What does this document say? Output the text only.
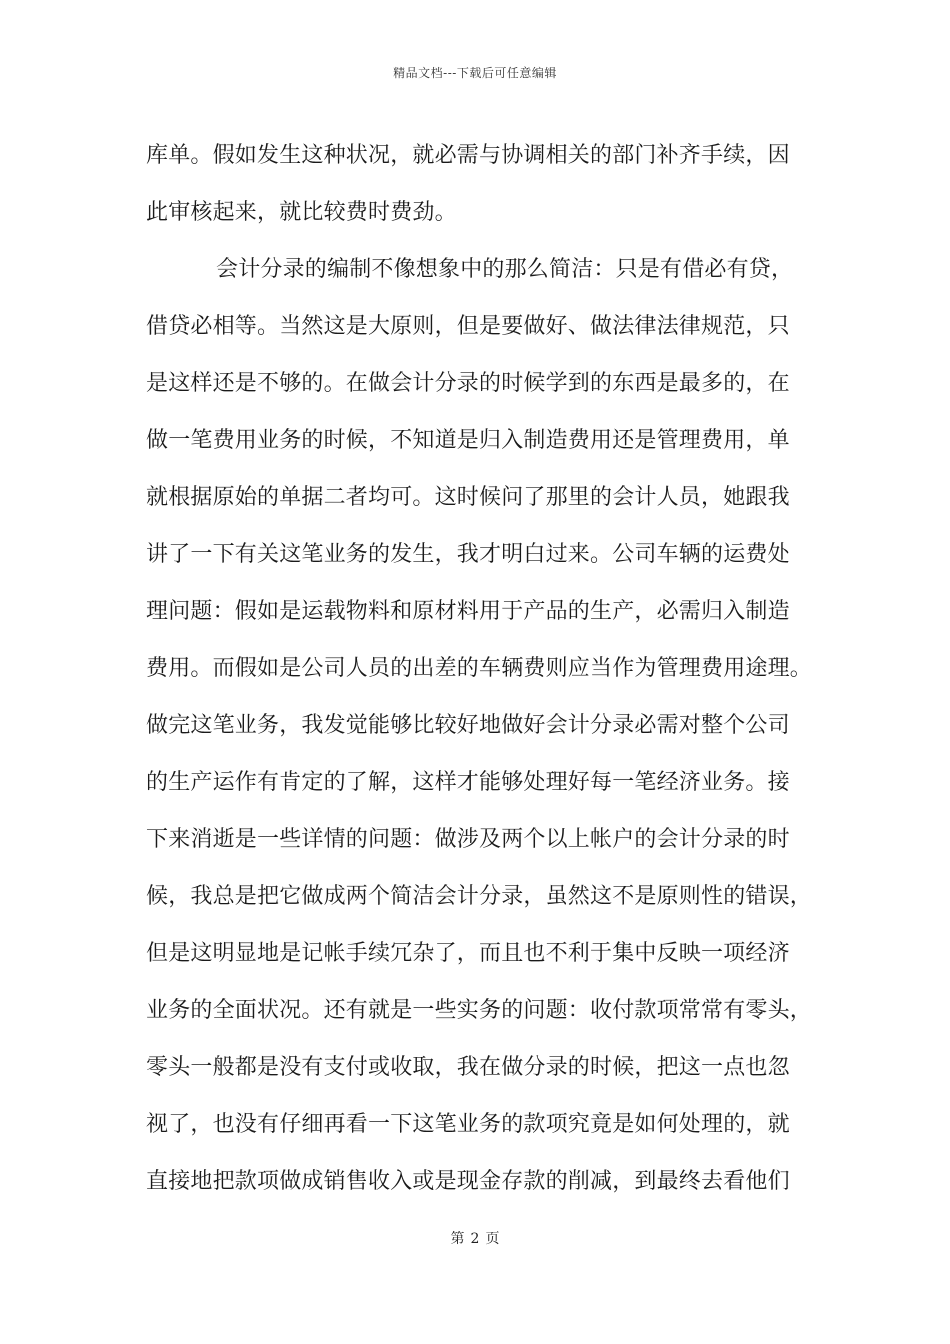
精品文档---下载后可任意编辑
库单。假如发生这种状况，就必需与协调相关的部门补齐手续，因
此审核起来，就比较费时费劲。
会计分录的编制不像想象中的那么简洁：只是有借必有贷，
借贷必相等。当然这是大原则，但是要做好、做法律法律规范，只
是这样还是不够的。在做会计分录的时候学到的东西是最多的，在
做一笔费用业务的时候，不知道是归入制造费用还是管理费用，单
就根据原始的单据二者均可。这时候问了那里的会计人员，她跟我
讲了一下有关这笔业务的发生，我才明白过来。公司车辆的运费处
理问题：假如是运载物料和原材料用于产品的生产，必需归入制造
费用。而假如是公司人员的出差的车辆费则应当作为管理费用途理。
做完这笔业务，我发觉能够比较好地做好会计分录必需对整个公司
的生产运作有肯定的了解，这样才能够处理好每一笔经济业务。接
下来消逝是一些详情的问题：做涉及两个以上帐户的会计分录的时
候，我总是把它做成两个简洁会计分录，虽然这不是原则性的错误，
但是这明显地是记帐手续冗杂了，而且也不利于集中反映一项经济
业务的全面状况。还有就是一些实务的问题：收付款项常常有零头，
零头一般都是没有支付或收取，我在做分录的时候，把这一点也忽
视了，也没有仔细再看一下这笔业务的款项究竟是如何处理的，就
直接地把款项做成销售收入或是现金存款的削减，到最终去看他们
第 2 页
